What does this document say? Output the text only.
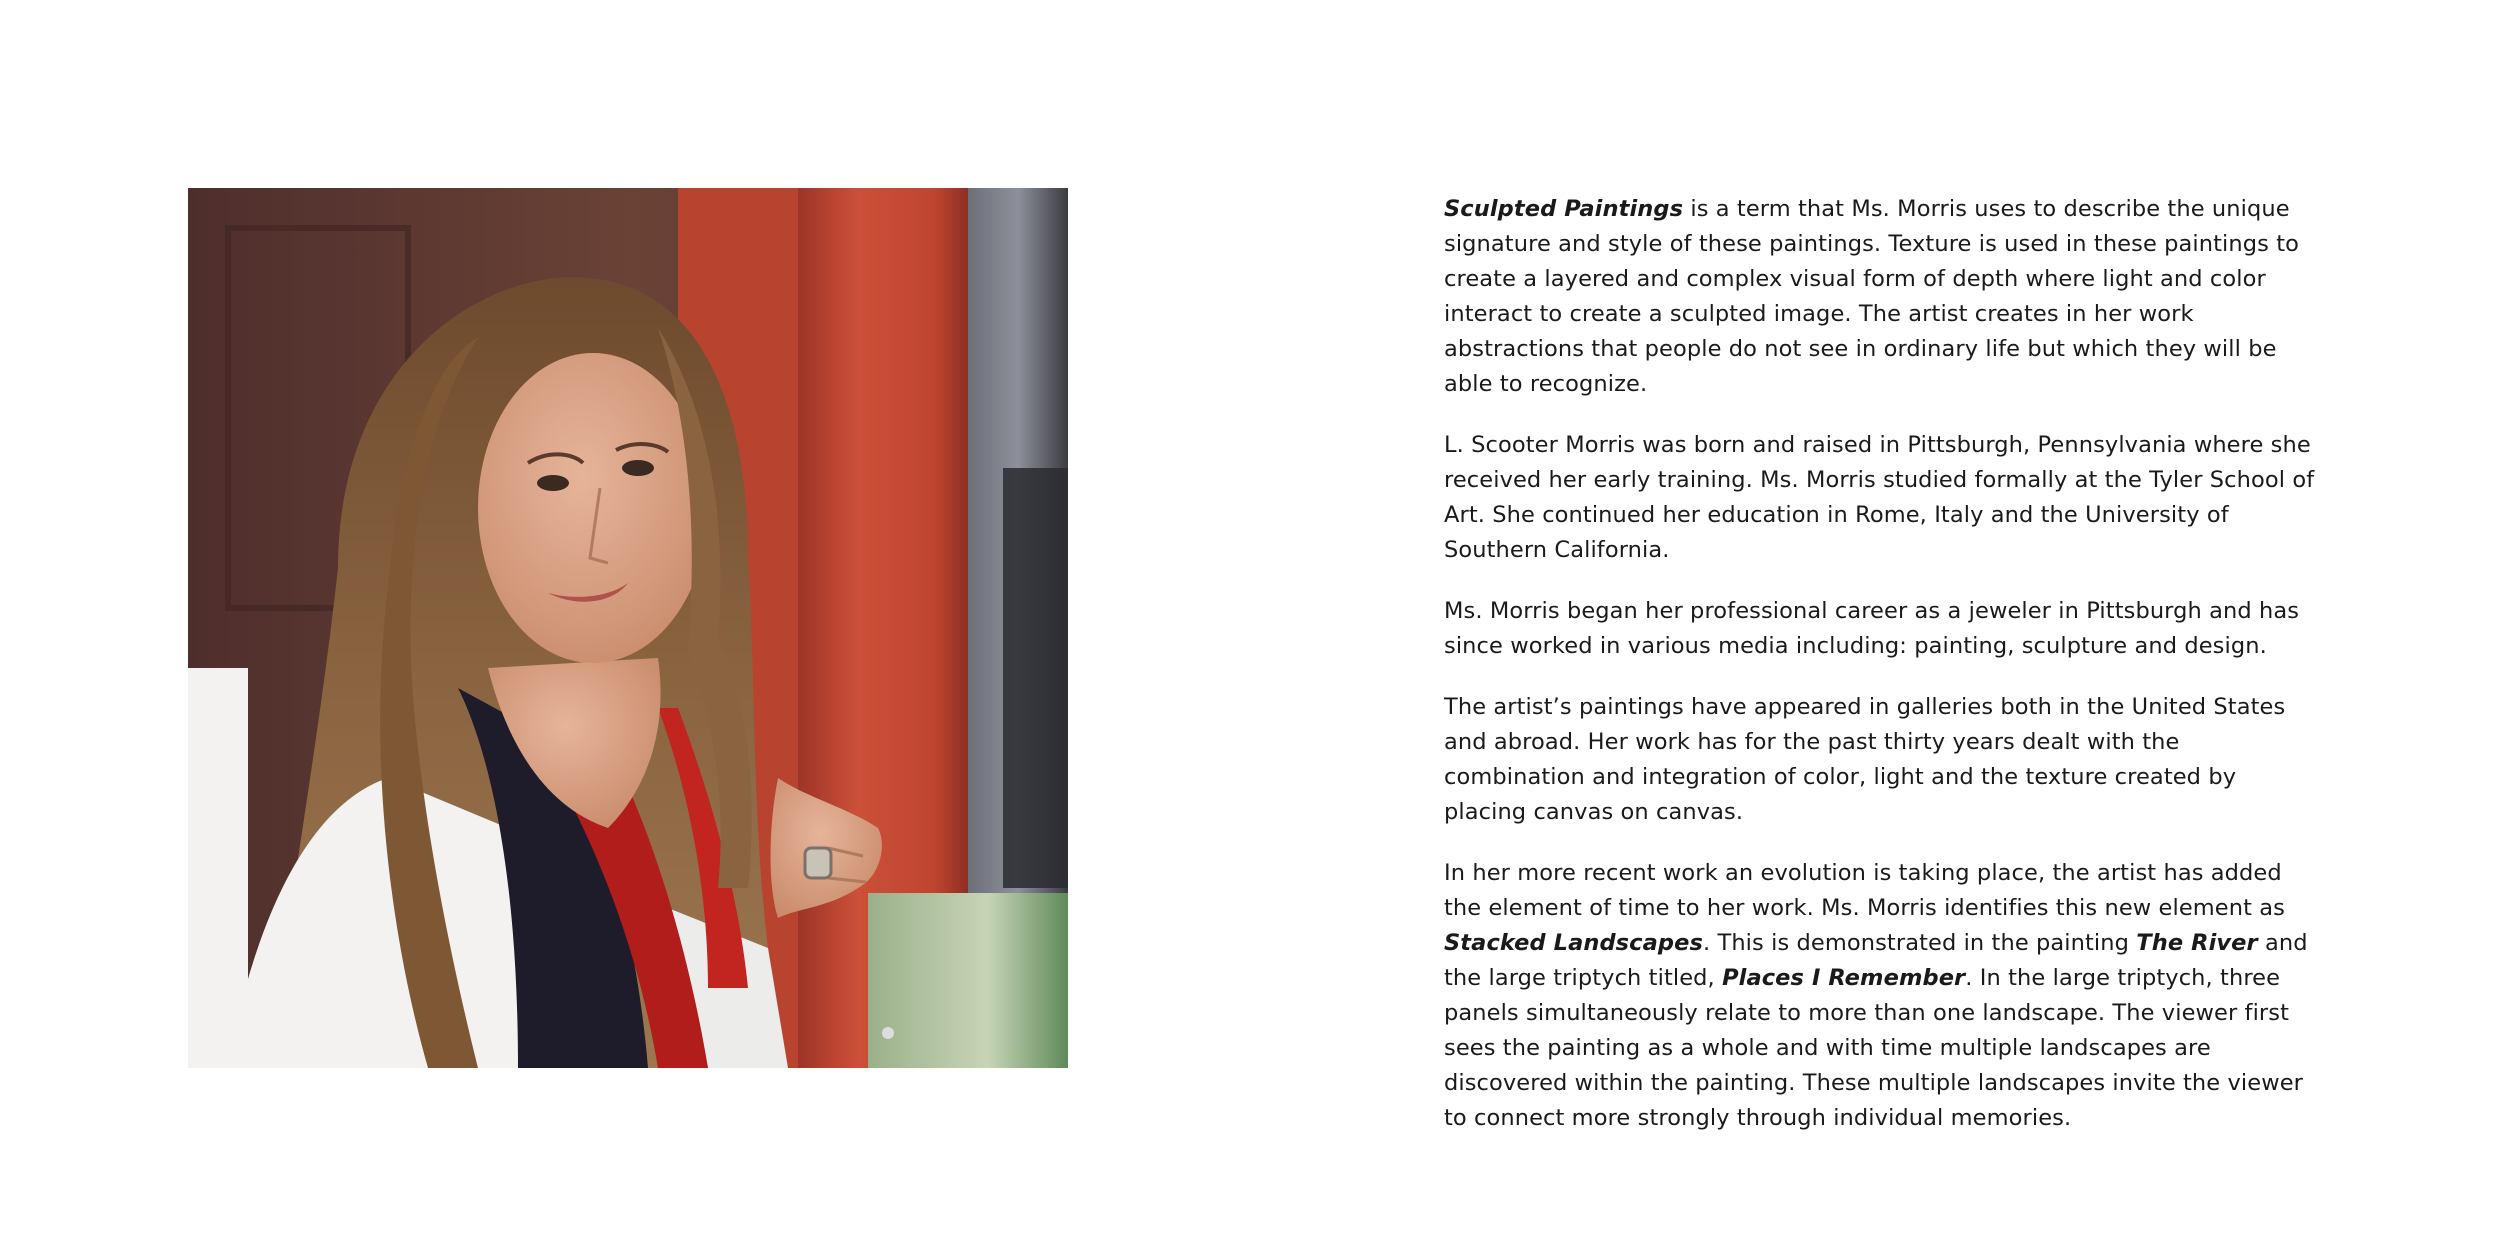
Sculpted Paintings is a term that Ms. Morris uses to describe the unique signature and style of these paintings. Texture is used in these paintings to create a layered and complex visual form of depth where light and color interact to create a sculpted image. The artist creates in her work abstractions that people do not see in ordinary life but which they will be able to recognize.

L. Scooter Morris was born and raised in Pittsburgh, Pennsylvania where she received her early training. Ms. Morris studied formally at the Tyler School of Art. She continued her education in Rome, Italy and the University of Southern California.

Ms. Morris began her professional career as a jeweler in Pittsburgh and has since worked in various media including: painting, sculpture and design.

The artist’s paintings have appeared in galleries both in the United States and abroad. Her work has for the past thirty years dealt with the combination and integration of color, light and the texture created by placing canvas on canvas.

In her more recent work an evolution is taking place, the artist has added the element of time to her work. Ms. Morris identifies this new element as Stacked Landscapes. This is demonstrated in the painting The River and the large triptych titled, Places I Remember. In the large triptych, three panels simultaneously relate to more than one landscape. The viewer first sees the painting as a whole and with time multiple landscapes are discovered within the painting. These multiple landscapes invite the viewer to connect more strongly through individual memories.
